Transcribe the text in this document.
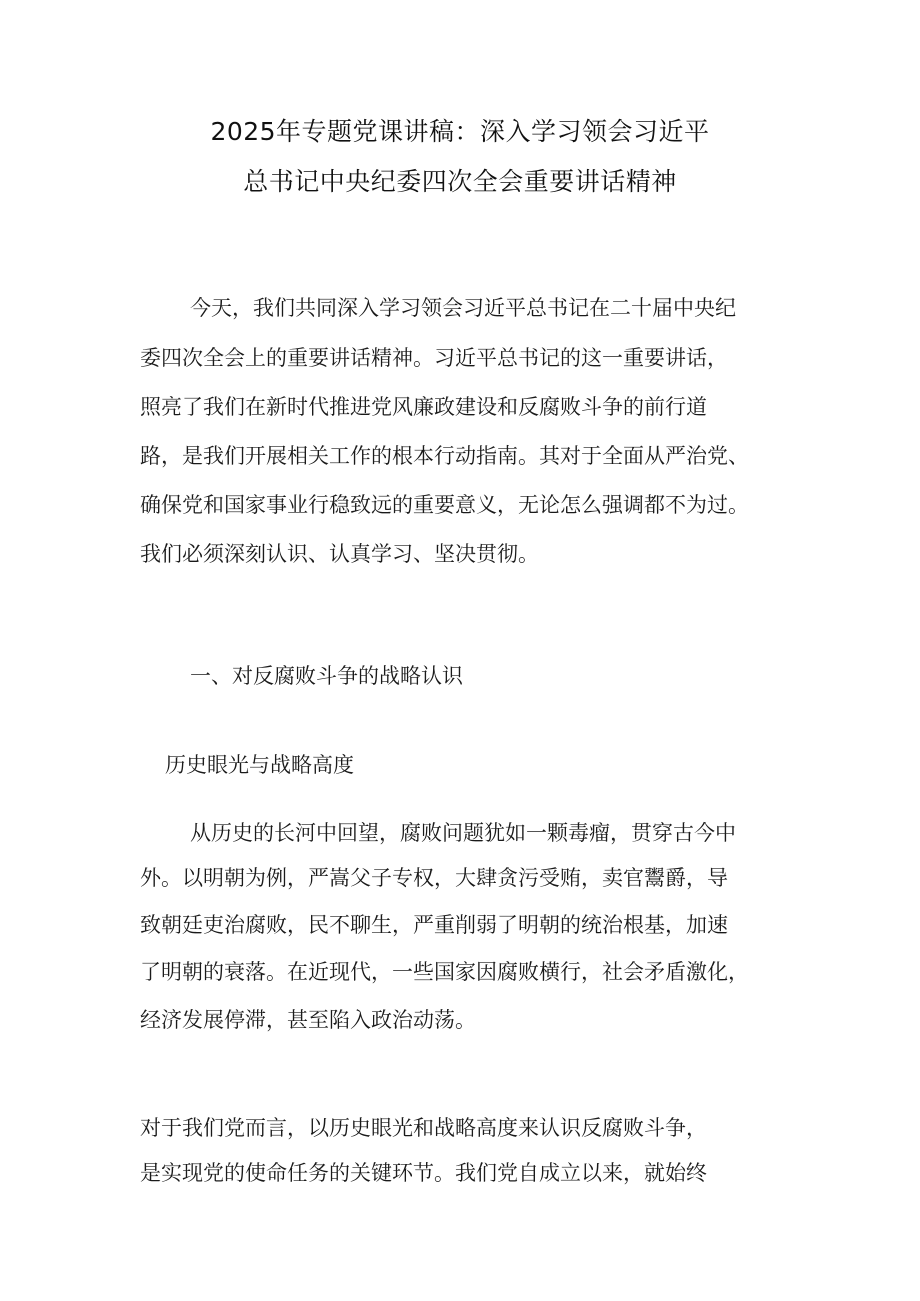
2025年专题党课讲稿：深入学习领会习近平
总书记中央纪委四次全会重要讲话精神
今天，我们共同深入学习领会习近平总书记在二十届中央纪
委四次全会上的重要讲话精神。习近平总书记的这一重要讲话，
照亮了我们在新时代推进党风廉政建设和反腐败斗争的前行道
路，是我们开展相关工作的根本行动指南。其对于全面从严治党、
确保党和国家事业行稳致远的重要意义，无论怎么强调都不为过。
我们必须深刻认识、认真学习、坚决贯彻。
一、对反腐败斗争的战略认识
历史眼光与战略高度
从历史的长河中回望，腐败问题犹如一颗毒瘤，贯穿古今中
外。以明朝为例，严嵩父子专权，大肆贪污受贿，卖官鬻爵，导
致朝廷吏治腐败，民不聊生，严重削弱了明朝的统治根基，加速
了明朝的衰落。在近现代，一些国家因腐败横行，社会矛盾激化，
经济发展停滞，甚至陷入政治动荡。
对于我们党而言，以历史眼光和战略高度来认识反腐败斗争，
是实现党的使命任务的关键环节。我们党自成立以来，就始终
